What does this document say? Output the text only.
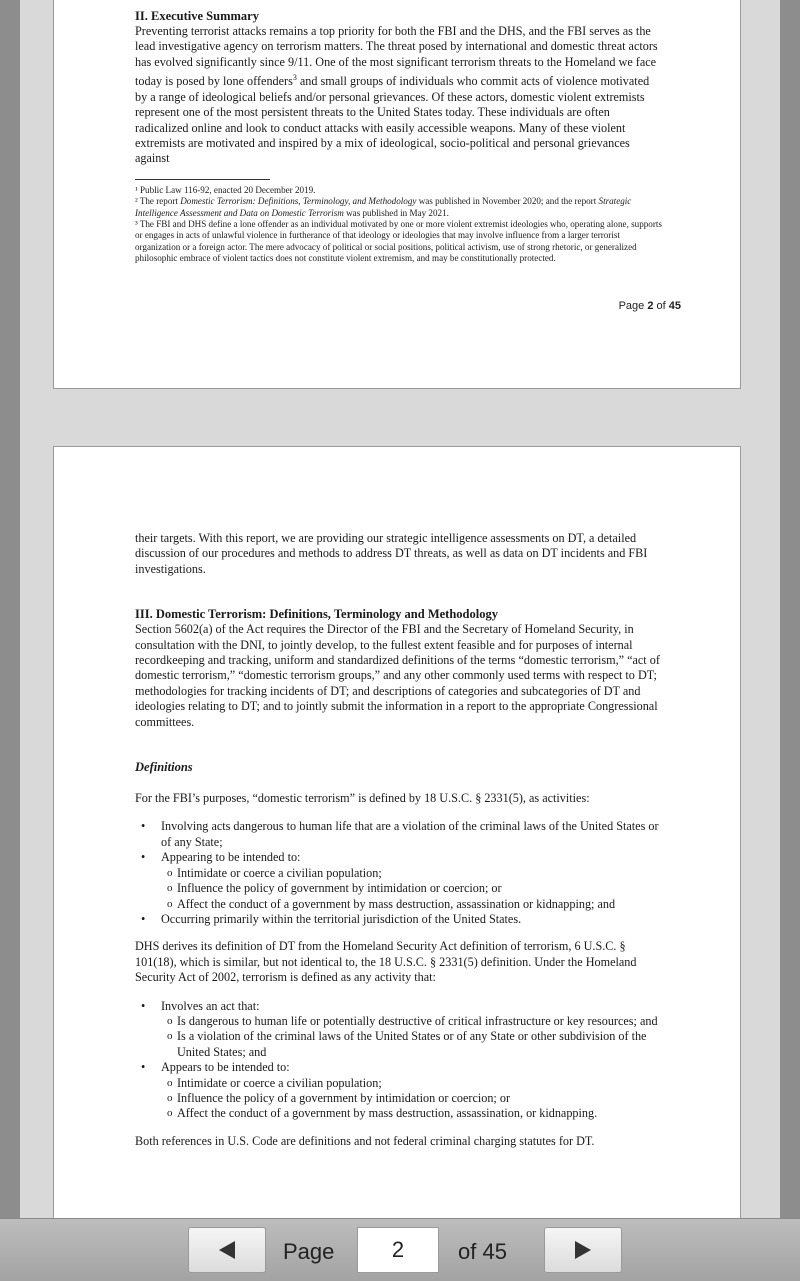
II. Executive Summary

Preventing terrorist attacks remains a top priority for both the FBI and the DHS, and the FBI serves as the lead investigative agency on terrorism matters. The threat posed by international and domestic threat actors has evolved significantly since 9/11. One of the most significant terrorism threats to the Homeland we face today is posed by lone offenders$^3$ and small groups of individuals who commit acts of violence motivated by a range of ideological beliefs and/or personal grievances. Of these actors, domestic violent extremists represent one of the most persistent threats to the United States today. These individuals are often radicalized online and look to conduct attacks with easily accessible weapons. Many of these violent extremists are motivated and inspired by a mix of ideological, socio-political and personal grievances against

¹ Public Law 116-92, enacted 20 December 2019.

² The report Domestic Terrorism: Definitions, Terminology, and Methodology was published in November 2020; and the report Strategic Intelligence Assessment and Data on Domestic Terrorism was published in May 2021.

³ The FBI and DHS define a lone offender as an individual motivated by one or more violent extremist ideologies who, operating alone, supports or engages in acts of unlawful violence in furtherance of that ideology or ideologies that may involve influence from a larger terrorist organization or a foreign actor. The mere advocacy of political or social positions, political activism, use of strong rhetoric, or generalized philosophic embrace of violent tactics does not constitute violent extremism, and may be constitutionally protected.

Page 2 of 45

their targets. With this report, we are providing our strategic intelligence assessments on DT, a detailed discussion of our procedures and methods to address DT threats, as well as data on DT incidents and FBI investigations.

III. Domestic Terrorism: Definitions, Terminology and Methodology

Section 5602(a) of the Act requires the Director of the FBI and the Secretary of Homeland Security, in consultation with the DNI, to jointly develop, to the fullest extent feasible and for purposes of internal recordkeeping and tracking, uniform and standardized definitions of the terms “domestic terrorism,” “act of domestic terrorism,” “domestic terrorism groups,” and any other commonly used terms with respect to DT; methodologies for tracking incidents of DT; and descriptions of categories and subcategories of DT and ideologies relating to DT; and to jointly submit the information in a report to the appropriate Congressional committees.

Definitions

For the FBI’s purposes, “domestic terrorism” is defined by 18 U.S.C. § 2331(5), as activities:

• Involving acts dangerous to human life that are a violation of the criminal laws of the United States or of any State;
• Appearing to be intended to:
o Intimidate or coerce a civilian population;
o Influence the policy of government by intimidation or coercion; or
o Affect the conduct of a government by mass destruction, assassination or kidnapping; and
• Occurring primarily within the territorial jurisdiction of the United States.

DHS derives its definition of DT from the Homeland Security Act definition of terrorism, 6 U.S.C. § 101(18), which is similar, but not identical to, the 18 U.S.C. § 2331(5) definition. Under the Homeland Security Act of 2002, terrorism is defined as any activity that:

• Involves an act that:
o Is dangerous to human life or potentially destructive of critical infrastructure or key resources; and
o Is a violation of the criminal laws of the United States or of any State or other subdivision of the United States; and
• Appears to be intended to:
o Intimidate or coerce a civilian population;
o Influence the policy of a government by intimidation or coercion; or
o Affect the conduct of a government by mass destruction, assassination, or kidnapping.

Both references in U.S. Code are definitions and not federal criminal charging statutes for DT.

Page
2	of 45
